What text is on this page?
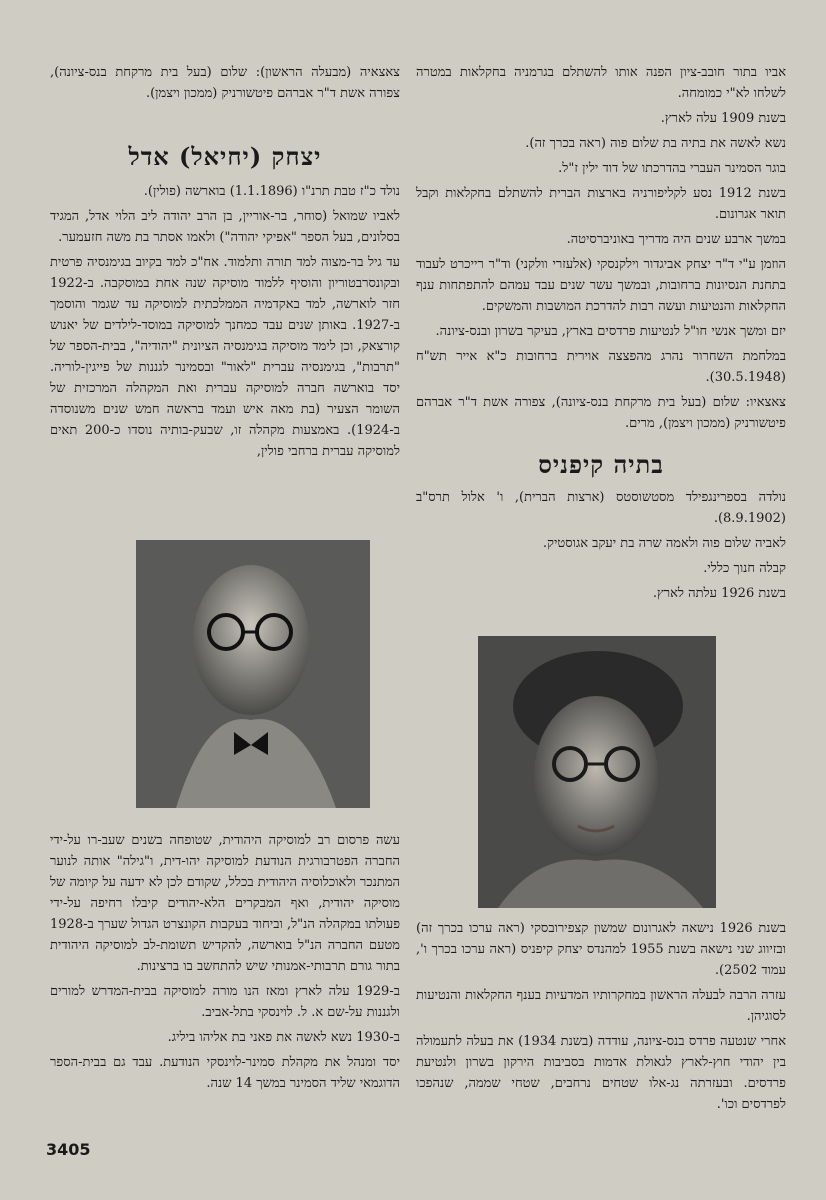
אביו בתור חובב-ציון הפנה אותו להשתלם בגרמניה בחקלאות במטרה לשלחו לא"י כמומחה.

בשנת 1909 עלה לארץ.

נשא לאשה את בתיה בת שלום פוה (ראה בכרך זה).

בוגר הסמינר העברי בהדרכתו של דוד ילין ז"ל.

בשנת 1912 נסע לקליפורניה בארצות הברית להשתלם בחקלאות וקבל תואר אגרונום.

במשך ארבע שנים היה מדריך באוניברסיטה.

הוזמן ע"י ד"ר יצחק אביגדור וילקנסקי (אלעזרי וולקני) וד"ר רייכרט לעבוד בתחנת הנסיונות ברחובות, ובמשך עשר שנים עבד עמהם להתפתחות ענף החקלאות והנטיעות ועשה רבות להדרכת המושבות והמשקים.

יזם ומשך אנשי חו"ל לנטיעות פרדסים בארץ, בעיקר בשרון ובנס-ציונה.

במלחמת השחרור נהרג מהפצצה אוירית ברחובות כ"א אייר תש"ח (30.5.1948).

צאצאיו: שלום (בעל בית מרקחת בנס-ציונה), צפורה אשת ד"ר אברהם פיטשורניק (ממכון ויצמן), מרים.

בתיה קיפניס

נולדה בספרינגפילד מסטשוסטס (ארצות הברית), ו' אלול תרס"ב (8.9.1902).

לאביה שלום פוה ולאמה שרה בת יעקב אגוסטיק.

קבלה חנוך כללי.

בשנת 1926 עלתה לארץ.

בשנת 1926 נישאה לאגרונום שמשון קצפירובסקי (ראה ערכו בכרך זה) ובזיווג שני נישאה בשנת 1955 למהנדס יצחק קיפניס (ראה ערכו בכרך ו', עמוד 2502).

עזרה הרבה לבעלה הראשון במחקרותיו המדעיות בענף החקלאות והנטיעות לסוגיהן.

אחרי שנטעה פרדס בנס-ציונה, עודדה (בשנת 1934) את בעלה לתעמולה בין יהודי חוץ-לארץ לגאולת אדמות בסביבות הירקון בשרון ולנטיעת פרדסים. ובעזרתה נג-אלו שטחים נרחבים, שטחי שממה, שנהפכו לפרדסים וכו'.

צאצאיה (מבעלה הראשון): שלום (בעל בית מרקחת בנס-ציונה), צפורה אשת ד"ר אברהם פיטשורניק (ממכון ויצמן).

יצחק (יחיאל) אדל

נולד כ"ז טבת תרנ"ו (1.1.1896) בוארשה (פולין).

לאביו שמואל (סוחר, בר-אוריין, בן הרב יהודה ליב הלוי אדל, המגיד בסלונים, בעל הספר "אפיקי יהודה") ולאמו אסתר בת משה חזעמער.

עד גיל בר-מצוה למד תורה ותלמוד. אח"כ למד בקיוב בגימנסיה פרטית ובקונסרבטוריון והוסיף ללמוד מוסיקה שנה אחת במוסקבה. ב-1922 חזר לוארשה, למד באקדמיה הממלכתית למוסיקה עד שגמר והוסמך ב-1927. באותן שנים עבד כמחנך למוסיקה במוסד-לילדים של יאנוש קורצאק, וכן לימד מוסיקה בגימנסיה הציונית "יהודיה", בבית-הספר של "תרבות", בגימנסיה עברית "לאור" ובסמינר לגננות של פייגין-לוריה. יסד בוארשה חברה למוסיקה עברית ואת המקהלה המרכזית של השומר הצעיר (בת מאה איש ועמד בראשה חמש שנים משנוסדה ב-1924). באמצעות מקהלה זו, שבעק-בותיה נוסדו כ-200 תאים למוסיקה עברית ברחבי פולין,

עשה פרסום רב למוסיקה היהודית, שטופחה בשנים שעב-רו על-ידי החברה הפטרבורגית הנודעת למוסיקה יהו-דית, ו"גילה" אותה לנוער המתנכר ולאוכלוסיה היהודית בכלל, שקודם לכן לא ידעה על קיומה של מוסיקה יהודית, ואף המבקרים הלא-יהודים קיבלו רחיפה על-ידי פעולתו במקהלה הנ"ל, וביחוד בעקבות הקונצרט הגדול שערך ב-1928 מטעם החברה הנ"ל בוארשה, להקדיש תשומת-לב למוסיקה היהודית בתור גורם תרבותי-אמנותי שיש להתחשב בו ברצינות.

ב-1929 עלה לארץ ומאז הנו מורה למוסיקה בבית-המדרש למורים ולגננות על-שם א. ל. לוינסקי בתל-אביב.

ב-1930 נשא לאשה את פאני בת אליהו ביליג.

יסד ומנהל את מקהלת סמינר-לוינסקי הנודעת. עבד גם בבית-הספר הדוגמאי שליד הסמינר במשך 14 שנה.

3405
